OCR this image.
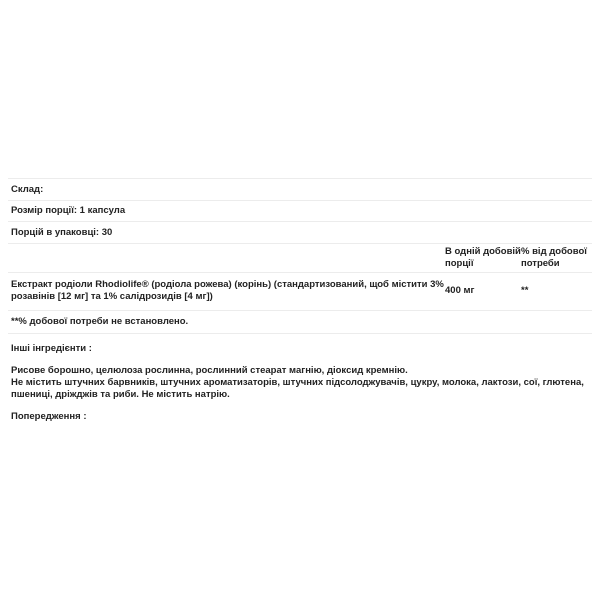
Склад:
Розмір порції: 1 капсула
Порцій в упаковці: 30
В одній добовій порції
% від добової потреби
Екстракт родіоли Rhodiolife® (родіола рожева) (корінь) (стандартизований, щоб містити 3% розавінів [12 мг] та 1% салідрозидів [4 мг])
400 мг	**
**% добової потреби не встановлено.

Інші інгредієнти :

Рисове борошно, целюлоза рослинна, рослинний стеарат магнію, діоксид кремнію.

Не містить штучних барвників, штучних ароматизаторів, штучних підсолоджувачів, цукру, молока, лактози, сої, глютена, пшениці, дріжджів та риби. Не містить натрію.

Попередження :
